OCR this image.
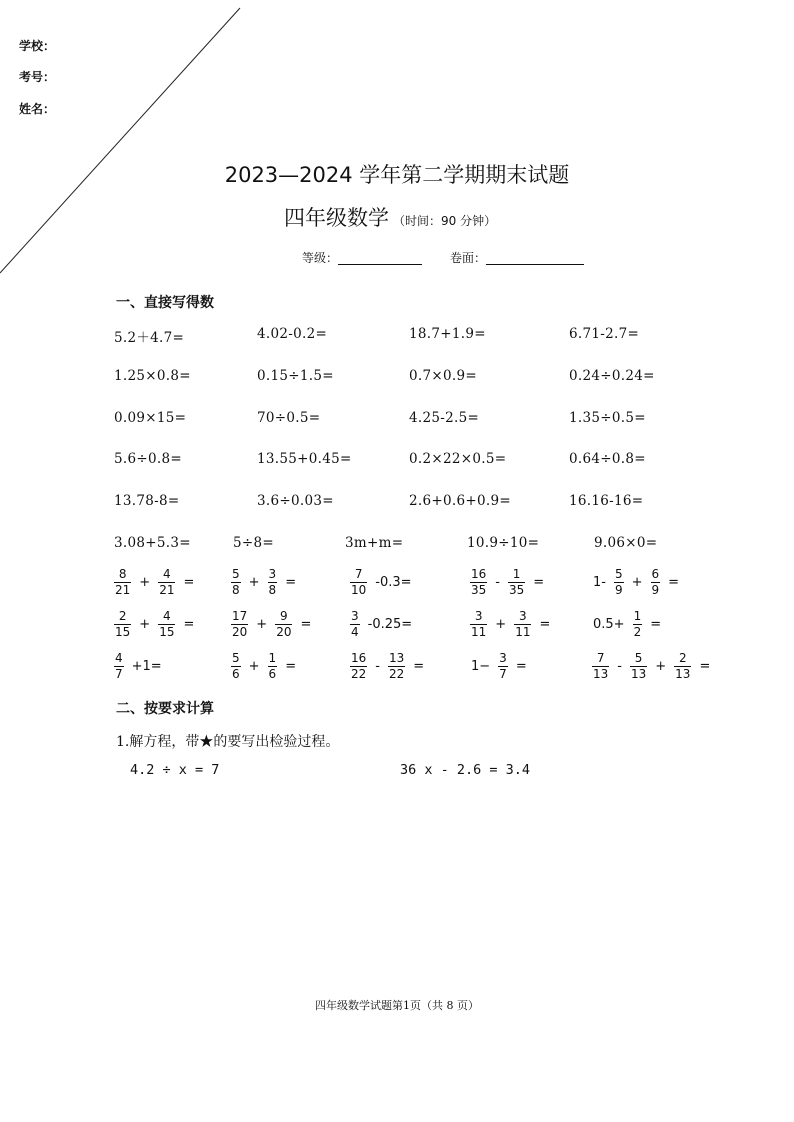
学校：
考号：
姓名：
2023—2024 学年第二学期期末试题
四年级数学 （时间：90 分钟）
等级：	卷面：
一、直接写得数
5.2＋4.7=	4.02-0.2=	18.7+1.9=	6.71-2.7=
1.25×0.8=	0.15÷1.5=	0.7×0.9=	0.24÷0.24=
0.09×15=	70÷0.5=	4.25-2.5=	1.35÷0.5=
5.6÷0.8=	13.55+0.45=	0.2×22×0.5=	0.64÷0.8=
13.78-8=	3.6÷0.03=	2.6+0.6+0.9=	16.16-16=
3.08+5.3=	5÷8=	3m+m=	10.9÷10=	9.06×0=
$\frac{8}{21} + \frac{4}{21}$ =	$\frac{5}{8} + \frac{3}{8}$ =	$\frac{7}{10} -0.3=$	$\frac{16}{35} - \frac{1}{35}$ =	$1- \frac{5}{9} + \frac{6}{9}$ =
$\frac{2}{15} + \frac{4}{15}$ =	$\frac{17}{20} + \frac{9}{20}$ =	$\frac{3}{4} -0.25=$	$\frac{3}{11} + \frac{3}{11}$ =	$0.5+ \frac{1}{2}$ =
$\frac{4}{7} +1=$	$\frac{5}{6} + \frac{1}{6}$ =	$\frac{16}{22} - \frac{13}{22}$ =	$1- \frac{3}{7}$ =	$\frac{7}{13} - \frac{5}{13} + \frac{2}{13}$ =
二、按要求计算
1.解方程，带★的要写出检验过程。
4.2 ÷ x = 7	36 x - 2.6 = 3.4
四年级数学试题第1页（共 8 页）
